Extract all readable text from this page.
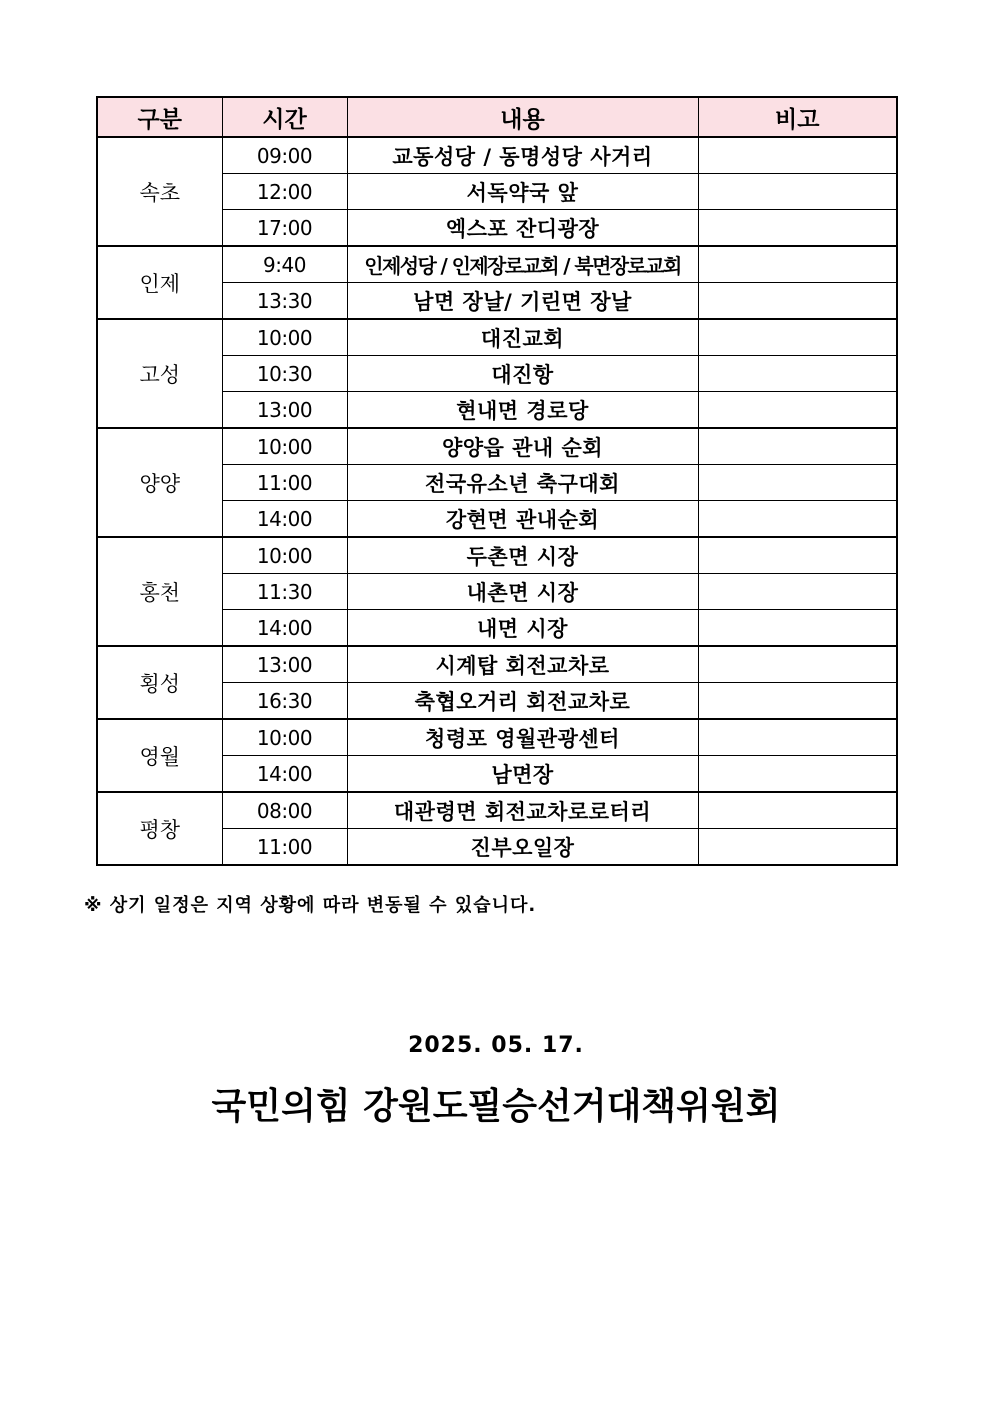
구분	시간	내용	비고
속초	09:00	교동성당 / 동명성당 사거리	
	12:00	서독약국 앞	
	17:00	엑스포 잔디광장	
인제	9:40	인제성당 / 인제장로교회 / 북면장로교회	
	13:30	남면 장날/ 기린면 장날	
고성	10:00	대진교회	
	10:30	대진항	
	13:00	현내면 경로당	
양양	10:00	양양읍 관내 순회	
	11:00	전국유소년 축구대회	
	14:00	강현면 관내순회	
홍천	10:00	두촌면 시장	
	11:30	내촌면 시장	
	14:00	내면 시장	
횡성	13:00	시계탑 회전교차로	
	16:30	축협오거리 회전교차로	
영월	10:00	청령포 영월관광센터	
	14:00	남면장	
평창	08:00	대관령면 회전교차로로터리	
	11:00	진부오일장	
※ 상기 일정은 지역 상황에 따라 변동될 수 있습니다.
2025. 05. 17.
국민의힘 강원도필승선거대책위원회
